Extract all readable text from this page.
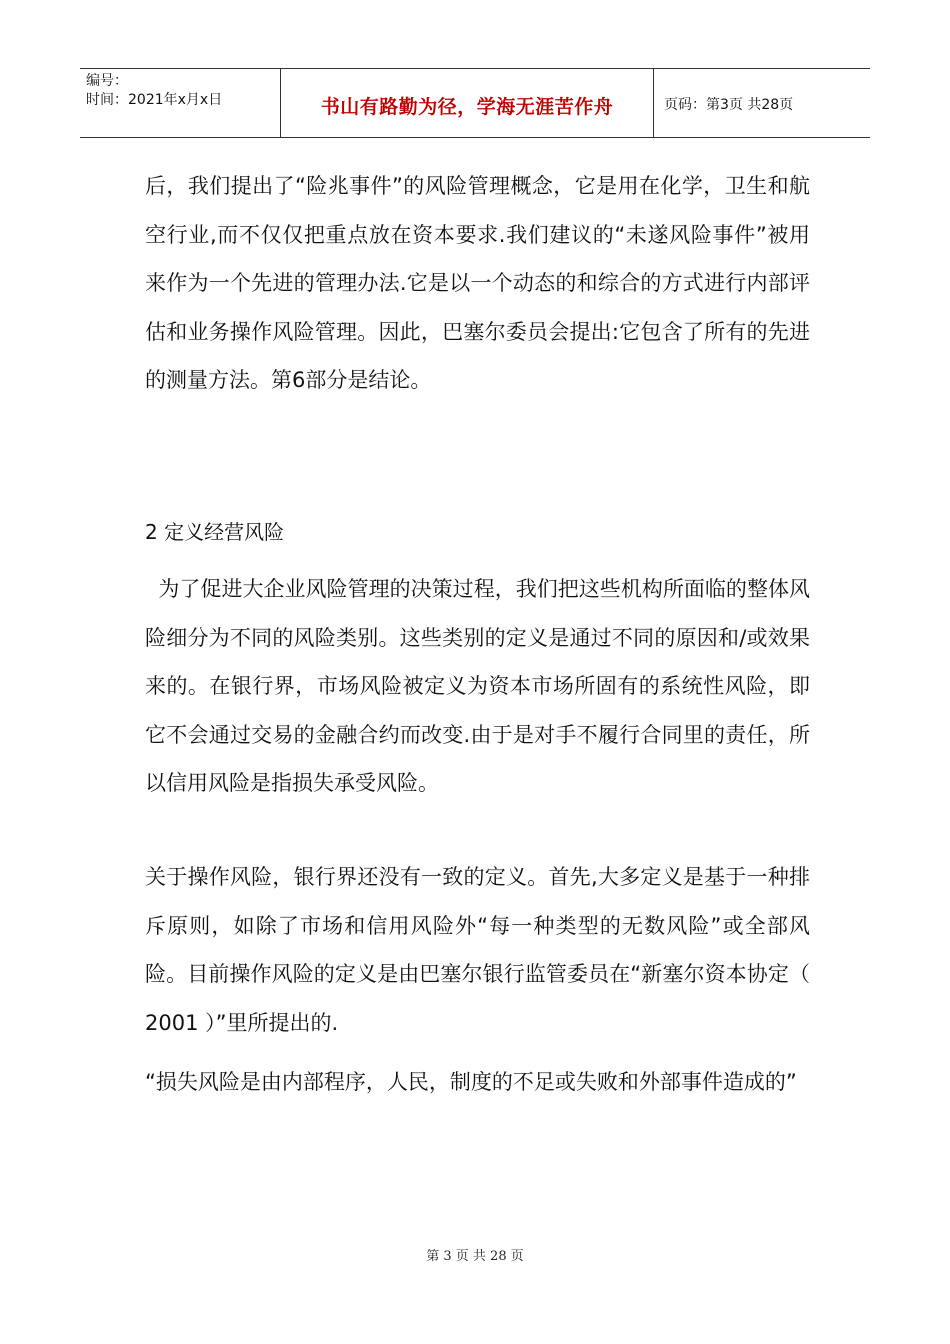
编号：
时间：2021年x月x日	书山有路勤为径，学海无涯苦作舟	页码：第3页 共28页

后，我们提出了“险兆事件”的风险管理概念，它是用在化学，卫生和航空行业,而不仅仅把重点放在资本要求.我们建议的“未遂风险事件”被用来作为一个先进的管理办法.它是以一个动态的和综合的方式进行内部评估和业务操作风险管理。因此，巴塞尔委员会提出:它包含了所有的先进的测量方法。第6部分是结论。

2 定义经营风险

为了促进大企业风险管理的决策过程，我们把这些机构所面临的整体风险细分为不同的风险类别。这些类别的定义是通过不同的原因和/或效果来的。在银行界，市场风险被定义为资本市场所固有的系统性风险，即它不会通过交易的金融合约而改变.由于是对手不履行合同里的责任，所以信用风险是指损失承受风险。

关于操作风险，银行界还没有一致的定义。首先,大多定义是基于一种排斥原则，如除了市场和信用风险外“每一种类型的无数风险”或全部风险。目前操作风险的定义是由巴塞尔银行监管委员在“新塞尔资本协定（ 2001 ）”里所提出的.

“损失风险是由内部程序，人民，制度的不足或失败和外部事件造成的”

第 3 页 共 28 页
